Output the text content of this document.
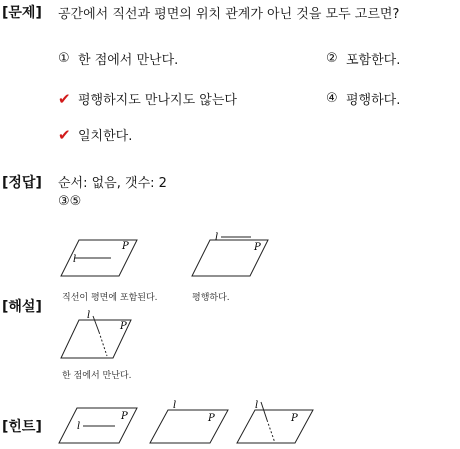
[문제] 공간에서 직선과 평면의 위치 관계가 아닌 것을 모두 고르면?
① 한 점에서 만난다.	② 포함한다.
✔ 평행하지도 만나지도 않는다	④ 평행하다.
✔ 일치한다.
[정답] 순서: 없음, 갯수: 2
③⑤
[해설]
l
P
l
P
l
P
직선이 평면에 포함된다.	평행하다.
한 점에서 만난다.
[힌트]	l
P
l
P
l
P
